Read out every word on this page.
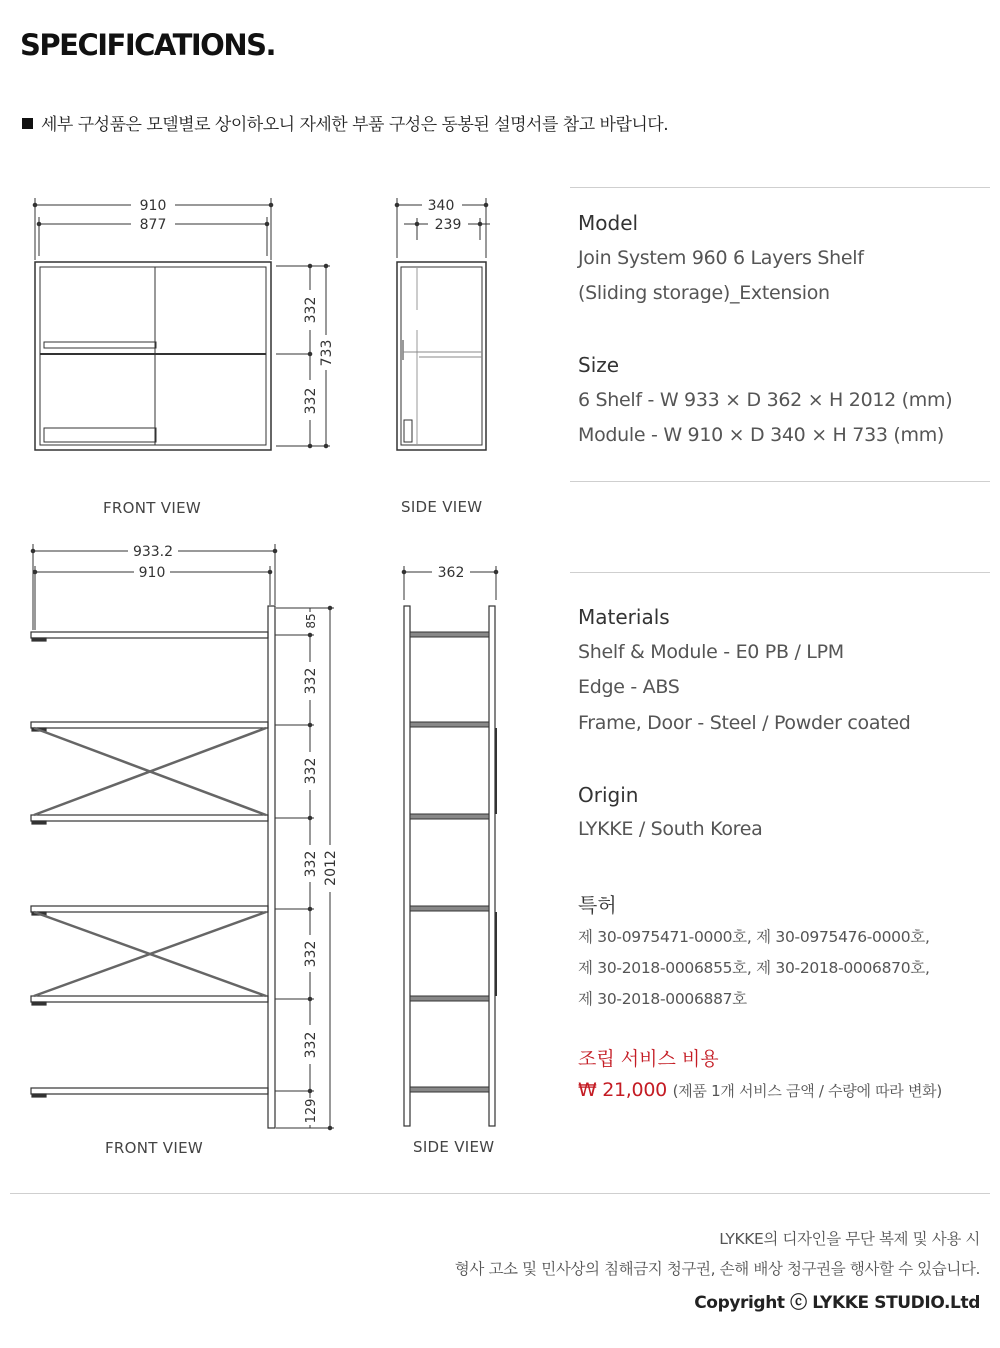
SPECIFICATIONS.
세부 구성품은 모델별로 상이하오니 자세한 부품 구성은 동봉된 설명서를 참고 바랍니다.
910
877
332
332
733
340
239
933.2
910
85
332
332
332
332
332
129
2012
362
FRONT VIEW	SIDE VIEW
FRONT VIEW	SIDE VIEW
Model
Join System 960 6 Layers Shelf
(Sliding storage)_Extension
Size
6 Shelf - W 933 × D 362 × H 2012 (mm)
Module - W 910 × D 340 × H 733 (mm)
Materials
Shelf & Module - E0 PB / LPM
Edge - ABS
Frame, Door - Steel / Powder coated
Origin
LYKKE / South Korea
특허
제 30-0975471-0000호, 제 30-0975476-0000호,
제 30-2018-0006855호, 제 30-2018-0006870호,
제 30-2018-0006887호
조립 서비스 비용
₩ 21,000 (제품 1개 서비스 금액 / 수량에 따라 변화)
LYKKE의 디자인을 무단 복제 및 사용 시
형사 고소 및 민사상의 침해금지 청구권, 손해 배상 청구권을 행사할 수 있습니다.
Copyright ⓒ LYKKE STUDIO.Ltd
